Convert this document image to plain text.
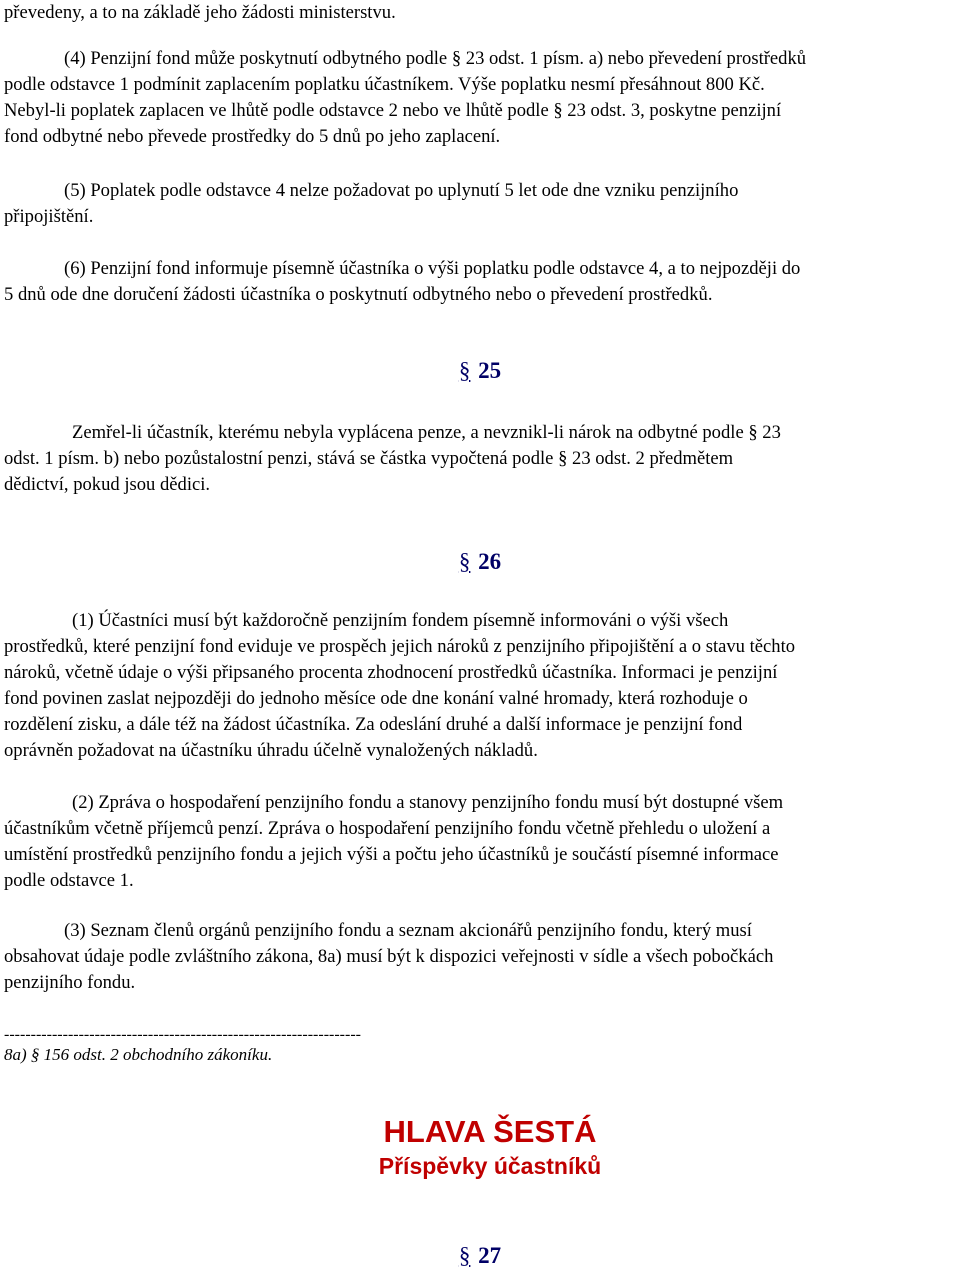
převedeny, a to na základě jeho žádosti ministerstvu.

(4) Penzijní fond může poskytnutí odbytného podle § 23 odst. 1 písm. a) nebo převedení prostředků
podle odstavce 1 podmínit zaplacením poplatku účastníkem. Výše poplatku nesmí přesáhnout 800 Kč.
Nebyl-li poplatek zaplacen ve lhůtě podle odstavce 2 nebo ve lhůtě podle § 23 odst. 3, poskytne penzijní
fond odbytné nebo převede prostředky do 5 dnů po jeho zaplacení.

(5) Poplatek podle odstavce 4 nelze požadovat po uplynutí 5 let ode dne vzniku penzijního
připojištění.

(6) Penzijní fond informuje písemně účastníka o výši poplatku podle odstavce 4, a to nejpozději do
5 dnů ode dne doručení žádosti účastníka o poskytnutí odbytného nebo o převedení prostředků.

§ 25

Zemřel-li účastník, kterému nebyla vyplácena penze, a nevznikl-li nárok na odbytné podle § 23
odst. 1 písm. b) nebo pozůstalostní penzi, stává se částka vypočtená podle § 23 odst. 2 předmětem
dědictví, pokud jsou dědici.

§ 26

(1) Účastníci musí být každoročně penzijním fondem písemně informováni o výši všech
prostředků, které penzijní fond eviduje ve prospěch jejich nároků z penzijního připojištění a o stavu těchto
nároků, včetně údaje o výši připsaného procenta zhodnocení prostředků účastníka. Informaci je penzijní
fond povinen zaslat nejpozději do jednoho měsíce ode dne konání valné hromady, která rozhoduje o
rozdělení zisku, a dále též na žádost účastníka. Za odeslání druhé a další informace je penzijní fond
oprávněn požadovat na účastníku úhradu účelně vynaložených nákladů.

(2) Zpráva o hospodaření penzijního fondu a stanovy penzijního fondu musí být dostupné všem
účastníkům včetně příjemců penzí. Zpráva o hospodaření penzijního fondu včetně přehledu o uložení a
umístění prostředků penzijního fondu a jejich výši a počtu jeho účastníků je součástí písemné informace
podle odstavce 1.

(3) Seznam členů orgánů penzijního fondu a seznam akcionářů penzijního fondu, který musí
obsahovat údaje podle zvláštního zákona, 8a) musí být k dispozici veřejnosti v sídle a všech pobočkách
penzijního fondu.

-------------------------------------------------------------------
8a) § 156 odst. 2 obchodního zákoníku.
HLAVA ŠESTÁ
Příspěvky účastníků
§ 27
